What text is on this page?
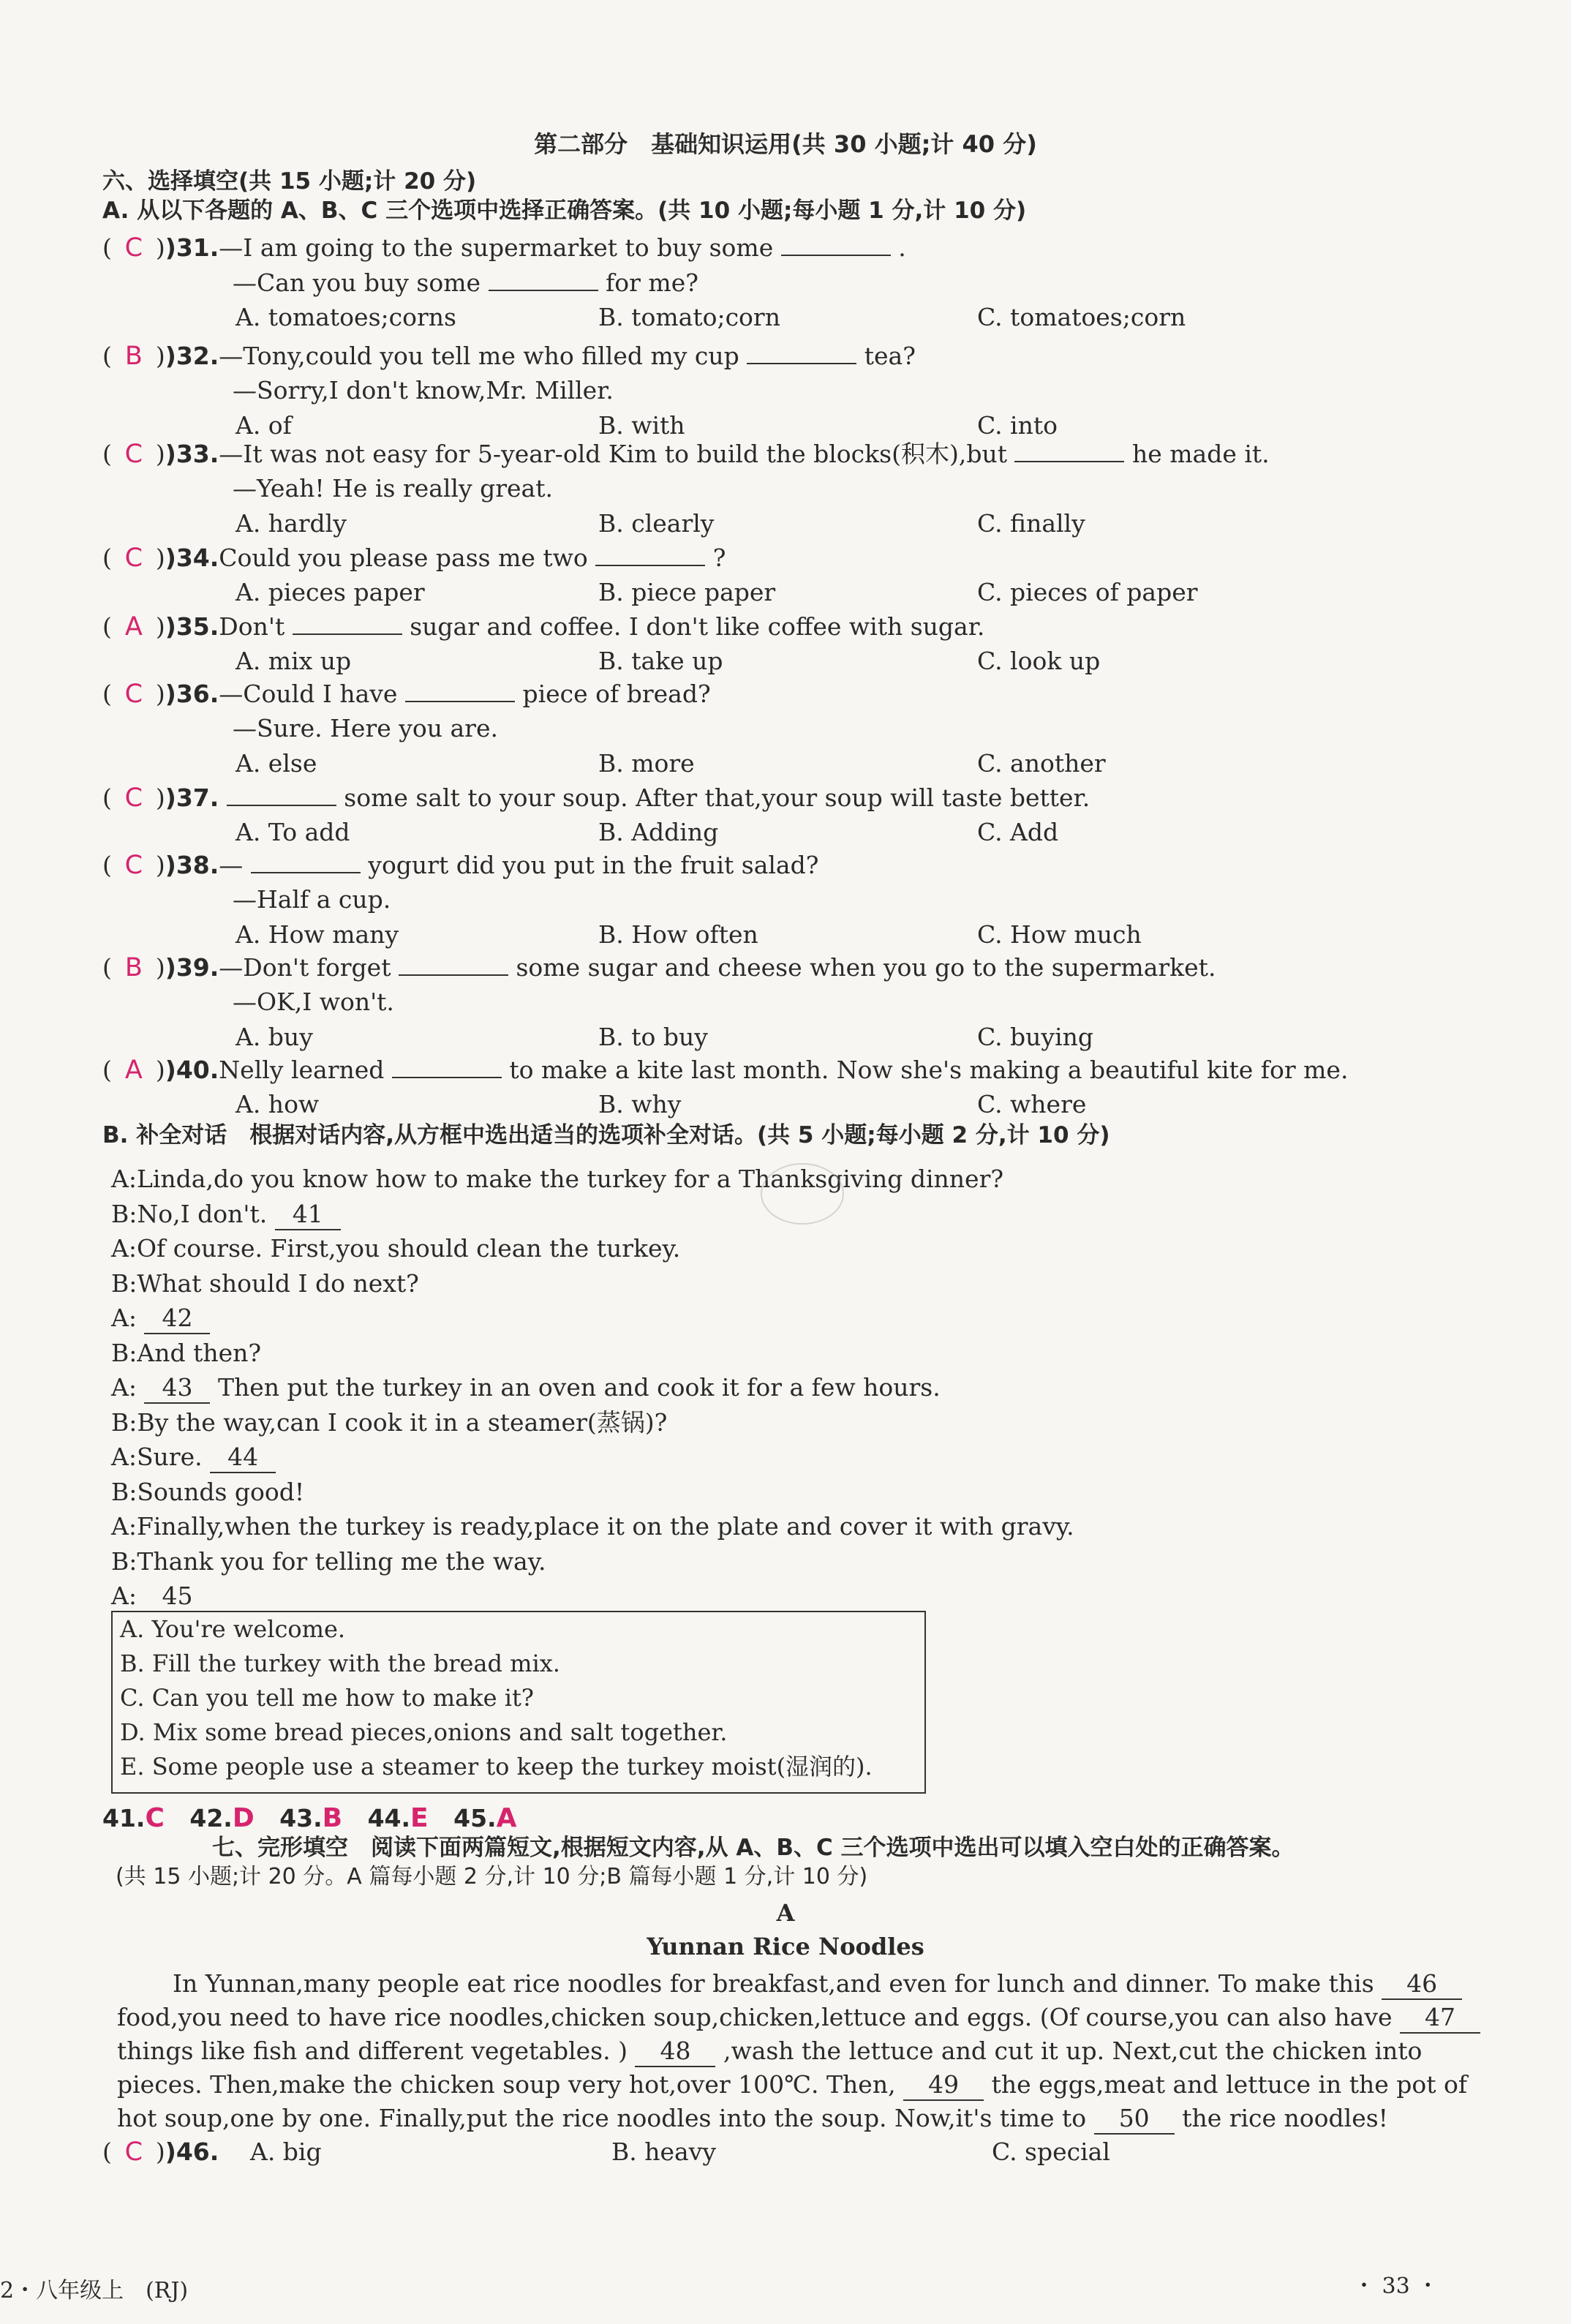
第二部分　基础知识运用(共 30 小题;计 40 分)
六、选择填空(共 15 小题;计 20 分)
A. 从以下各题的 A、B、C 三个选项中选择正确答案。(共 10 小题;每小题 1 分,计 10 分)
( C ))31.—I am going to the supermarket to buy some	.
—Can you buy some	for me?
A. tomatoes;corns	B. tomato;corn	C. tomatoes;corn
( B ))32.—Tony,could you tell me who filled my cup	tea?
—Sorry,I don't know,Mr. Miller.
A. of	B. with	C. into
( C ))33.—It was not easy for 5-year-old Kim to build the blocks(积木),but	he made it.
—Yeah! He is really great.
A. hardly	B. clearly	C. finally
( C ))34.Could you please pass me two	?
A. pieces paper	B. piece paper	C. pieces of paper
( A ))35.Don't	sugar and coffee. I don't like coffee with sugar.
A. mix up	B. take up	C. look up
( C ))36.—Could I have	piece of bread?
—Sure. Here you are.
A. else	B. more	C. another
( C ))37.	some salt to your soup. After that,your soup will taste better.
A. To add	B. Adding	C. Add
( C ))38.—	yogurt did you put in the fruit salad?
—Half a cup.
A. How many	B. How often	C. How much
( B ))39.—Don't forget	some sugar and cheese when you go to the supermarket.
—OK,I won't.
A. buy	B. to buy	C. buying
( A ))40.Nelly learned	to make a kite last month. Now she's making a beautiful kite for me.
A. how	B. why	C. where
B. 补全对话　根据对话内容,从方框中选出适当的选项补全对话。(共 5 小题;每小题 2 分,计 10 分)
A:Linda,do you know how to make the turkey for a Thanksgiving dinner?
B:No,I don't. 41
A:Of course. First,you should clean the turkey.
B:What should I do next?
A: 42
B:And then?
A: 43 Then put the turkey in an oven and cook it for a few hours.
B:By the way,can I cook it in a steamer(蒸锅)?
A:Sure. 44
B:Sounds good!
A:Finally,when the turkey is ready,place it on the plate and cover it with gravy.
B:Thank you for telling me the way.
A: 45
A. You're welcome.
B. Fill the turkey with the bread mix.
C. Can you tell me how to make it?
D. Mix some bread pieces,onions and salt together.
E. Some people use a steamer to keep the turkey moist(湿润的).
41.C 42.D 43.B 44.E 45.A
七、完形填空　阅读下面两篇短文,根据短文内容,从 A、B、C 三个选项中选出可以填入空白处的正确答案。
(共 15 小题;计 20 分。A 篇每小题 2 分,计 10 分;B 篇每小题 1 分,计 10 分)
A
Yunnan Rice Noodles
In Yunnan,many people eat rice noodles for breakfast,and even for lunch and dinner. To make this 46
food,you need to have rice noodles,chicken soup,chicken,lettuce and eggs. (Of course,you can also have 47
things like fish and different vegetables. ) 48 ,wash the lettuce and cut it up. Next,cut the chicken into
pieces. Then,make the chicken soup very hot,over 100℃. Then, 49 the eggs,meat and lettuce in the pot of
hot soup,one by one. Finally,put the rice noodles into the soup. Now,it's time to 50 the rice noodles!
( C ))46. A. big	B. heavy	C. special
2・八年级上　(RJ)	・ 33 ・
